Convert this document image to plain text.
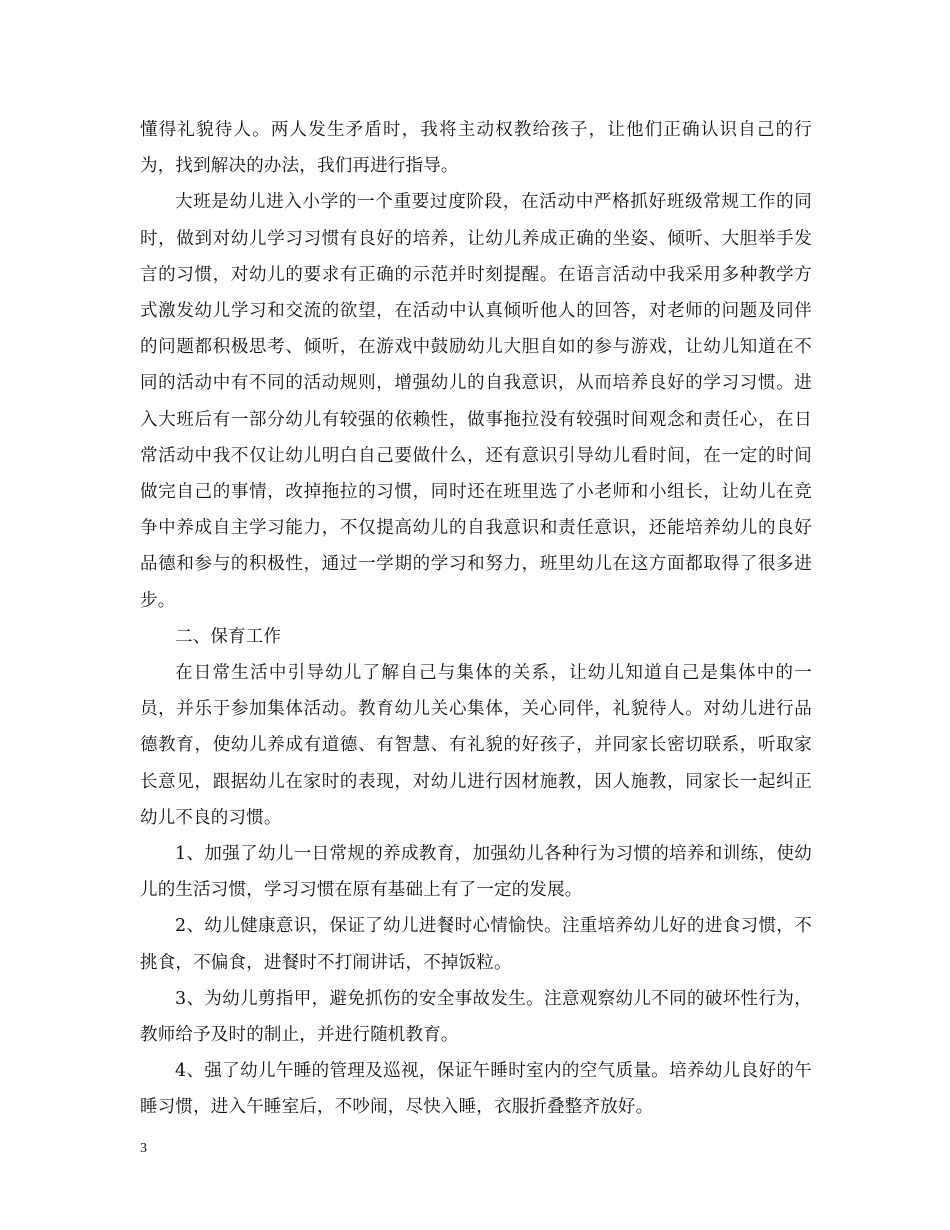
懂得礼貌待人。两人发生矛盾时，我将主动权教给孩子，让他们正确认识自己的行为，找到解决的办法，我们再进行指导。

大班是幼儿进入小学的一个重要过度阶段，在活动中严格抓好班级常规工作的同时，做到对幼儿学习习惯有良好的培养，让幼儿养成正确的坐姿、倾听、大胆举手发言的习惯，对幼儿的要求有正确的示范并时刻提醒。在语言活动中我采用多种教学方式激发幼儿学习和交流的欲望，在活动中认真倾听他人的回答，对老师的问题及同伴的问题都积极思考、倾听，在游戏中鼓励幼儿大胆自如的参与游戏，让幼儿知道在不同的活动中有不同的活动规则，增强幼儿的自我意识，从而培养良好的学习习惯。进入大班后有一部分幼儿有较强的依赖性，做事拖拉没有较强时间观念和责任心，在日常活动中我不仅让幼儿明白自己要做什么，还有意识引导幼儿看时间，在一定的时间做完自己的事情，改掉拖拉的习惯，同时还在班里选了小老师和小组长，让幼儿在竞争中养成自主学习能力，不仅提高幼儿的自我意识和责任意识，还能培养幼儿的良好品德和参与的积极性，通过一学期的学习和努力，班里幼儿在这方面都取得了很多进步。

二、保育工作

在日常生活中引导幼儿了解自己与集体的关系，让幼儿知道自己是集体中的一员，并乐于参加集体活动。教育幼儿关心集体，关心同伴，礼貌待人。对幼儿进行品德教育，使幼儿养成有道德、有智慧、有礼貌的好孩子，并同家长密切联系，听取家长意见，跟据幼儿在家时的表现，对幼儿进行因材施教，因人施教，同家长一起纠正幼儿不良的习惯。

1、加强了幼儿一日常规的养成教育，加强幼儿各种行为习惯的培养和训练，使幼儿的生活习惯，学习习惯在原有基础上有了一定的发展。

2、幼儿健康意识，保证了幼儿进餐时心情愉快。注重培养幼儿好的进食习惯，不挑食，不偏食，进餐时不打闹讲话，不掉饭粒。

3、为幼儿剪指甲，避免抓伤的安全事故发生。注意观察幼儿不同的破坏性行为，教师给予及时的制止，并进行随机教育。

4、强了幼儿午睡的管理及巡视，保证午睡时室内的空气质量。培养幼儿良好的午睡习惯，进入午睡室后，不吵闹，尽快入睡，衣服折叠整齐放好。

3
